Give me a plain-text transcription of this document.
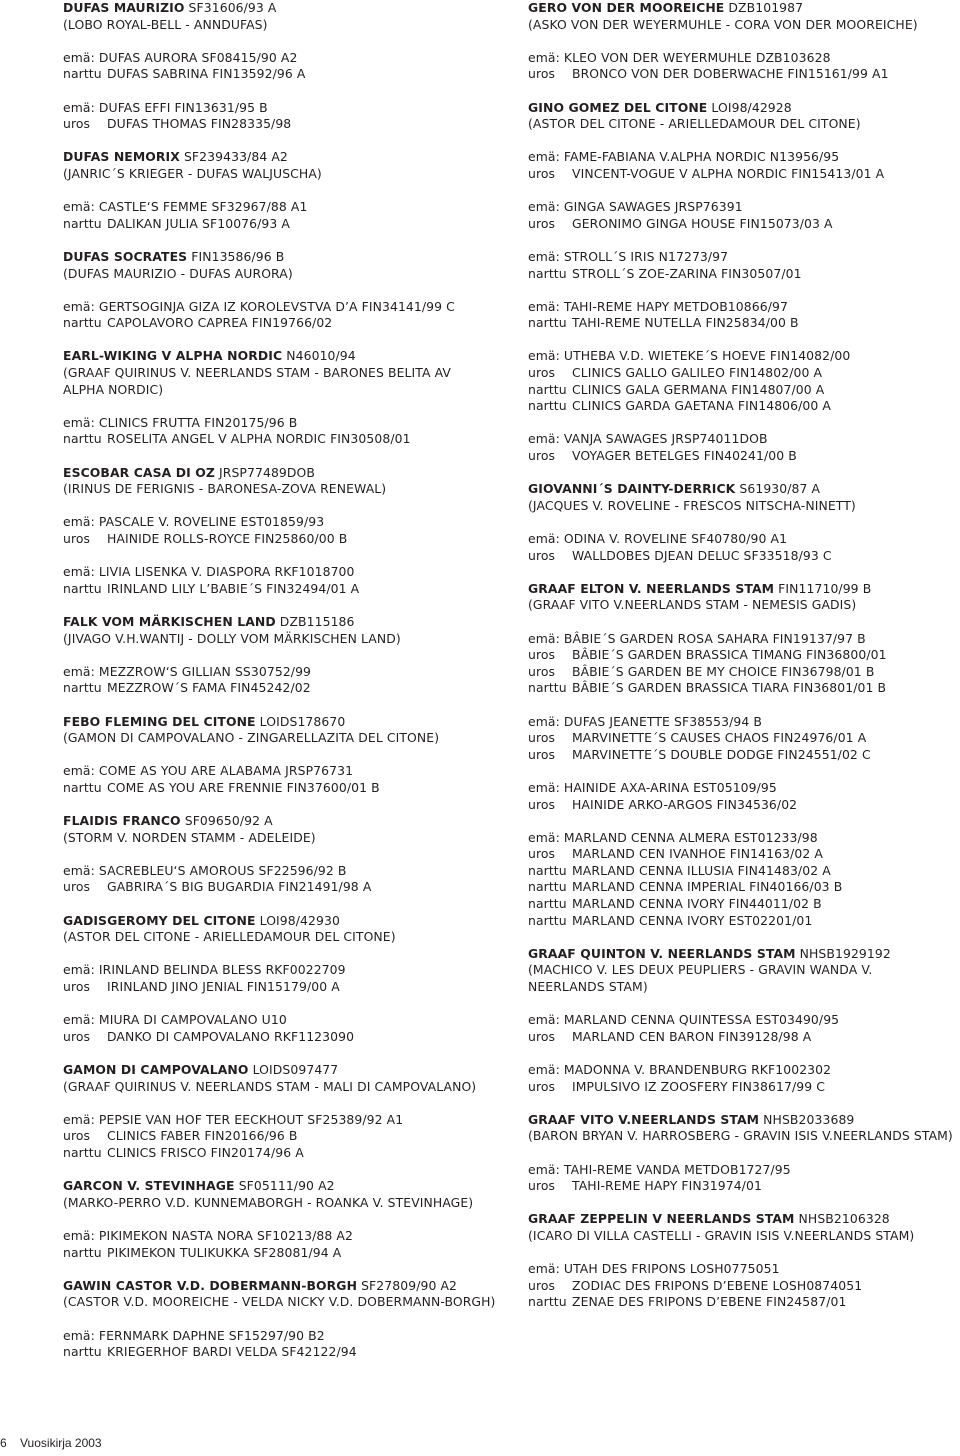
DUFAS MAURIZIO SF31606/93 A
(LOBO ROYAL-BELL - ANNDUFAS)
emä: DUFAS AURORA SF08415/90 A2
narttu DUFAS SABRINA FIN13592/96 A
emä: DUFAS EFFI FIN13631/95 B
uros DUFAS THOMAS FIN28335/98
DUFAS NEMORIX SF239433/84 A2
(JANRIC´S KRIEGER - DUFAS WALJUSCHA)
emä: CASTLE‘S FEMME SF32967/88 A1
narttu DALIKAN JULIA SF10076/93 A
DUFAS SOCRATES FIN13586/96 B
(DUFAS MAURIZIO - DUFAS AURORA)
emä: GERTSOGINJA GIZA IZ KOROLEVSTVA D’A FIN34141/99 C
narttu CAPOLAVORO CAPREA FIN19766/02
EARL-WIKING V ALPHA NORDIC N46010/94
(GRAAF QUIRINUS V. NEERLANDS STAM - BARONES BELITA AV
ALPHA NORDIC)
emä: CLINICS FRUTTA FIN20175/96 B
narttu ROSELITA ANGEL V ALPHA NORDIC FIN30508/01
ESCOBAR CASA DI OZ JRSP77489DOB
(IRINUS DE FERIGNIS - BARONESA-ZOVA RENEWAL)
emä: PASCALE V. ROVELINE EST01859/93
uros HAINIDE ROLLS-ROYCE FIN25860/00 B
emä: LIVIA LISENKA V. DIASPORA RKF1018700
narttu IRINLAND LILY L’BABIE´S FIN32494/01 A
FALK VOM MÄRKISCHEN LAND DZB115186
(JIVAGO V.H.WANTIJ - DOLLY VOM MÄRKISCHEN LAND)
emä: MEZZROW‘S GILLIAN SS30752/99
narttu MEZZROW´S FAMA FIN45242/02
FEBO FLEMING DEL CITONE LOIDS178670
(GAMON DI CAMPOVALANO - ZINGARELLAZITA DEL CITONE)
emä: COME AS YOU ARE ALABAMA JRSP76731
narttu COME AS YOU ARE FRENNIE FIN37600/01 B
FLAIDIS FRANCO SF09650/92 A
(STORM V. NORDEN STAMM - ADELEIDE)
emä: SACREBLEU‘S AMOROUS SF22596/92 B
uros GABRIRA´S BIG BUGARDIA FIN21491/98 A
GADISGEROMY DEL CITONE LOI98/42930
(ASTOR DEL CITONE - ARIELLEDAMOUR DEL CITONE)
emä: IRINLAND BELINDA BLESS RKF0022709
uros IRINLAND JINO JENIAL FIN15179/00 A
emä: MIURA DI CAMPOVALANO U10
uros DANKO DI CAMPOVALANO RKF1123090
GAMON DI CAMPOVALANO LOIDS097477
(GRAAF QUIRINUS V. NEERLANDS STAM - MALI DI CAMPOVALANO)
emä: PEPSIE VAN HOF TER EECKHOUT SF25389/92 A1
uros CLINICS FABER FIN20166/96 B
narttu CLINICS FRISCO FIN20174/96 A
GARCON V. STEVINHAGE SF05111/90 A2
(MARKO-PERRO V.D. KUNNEMABORGH - ROANKA V. STEVINHAGE)
emä: PIKIMEKON NASTA NORA SF10213/88 A2
narttu PIKIMEKON TULIKUKKA SF28081/94 A
GAWIN CASTOR V.D. DOBERMANN-BORGH SF27809/90 A2
(CASTOR V.D. MOOREICHE - VELDA NICKY V.D. DOBERMANN-BORGH)
emä: FERNMARK DAPHNE SF15297/90 B2
narttu KRIEGERHOF BARDI VELDA SF42122/94
GERO VON DER MOOREICHE DZB101987
(ASKO VON DER WEYERMUHLE - CORA VON DER MOOREICHE)
emä: KLEO VON DER WEYERMUHLE DZB103628
uros BRONCO VON DER DOBERWACHE FIN15161/99 A1
GINO GOMEZ DEL CITONE LOI98/42928
(ASTOR DEL CITONE - ARIELLEDAMOUR DEL CITONE)
emä: FAME-FABIANA V.ALPHA NORDIC N13956/95
uros VINCENT-VOGUE V ALPHA NORDIC FIN15413/01 A
emä: GINGA SAWAGES JRSP76391
uros GERONIMO GINGA HOUSE FIN15073/03 A
emä: STROLL´S IRIS N17273/97
narttu STROLL´S ZOE-ZARINA FIN30507/01
emä: TAHI-REME HAPY METDOB10866/97
narttu TAHI-REME NUTELLA FIN25834/00 B
emä: UTHEBA V.D. WIETEKE´S HOEVE FIN14082/00
uros CLINICS GALLO GALILEO FIN14802/00 A
narttu CLINICS GALA GERMANA FIN14807/00 A
narttu CLINICS GARDA GAETANA FIN14806/00 A
emä: VANJA SAWAGES JRSP74011DOB
uros VOYAGER BETELGES FIN40241/00 B
GIOVANNI´S DAINTY-DERRICK S61930/87 A
(JACQUES V. ROVELINE - FRESCOS NITSCHA-NINETT)
emä: ODINA V. ROVELINE SF40780/90 A1
uros WALLDOBES DJEAN DELUC SF33518/93 C
GRAAF ELTON V. NEERLANDS STAM FIN11710/99 B
(GRAAF VITO V.NEERLANDS STAM - NEMESIS GADIS)
emä: BÂBIE´S GARDEN ROSA SAHARA FIN19137/97 B
uros BÂBIE´S GARDEN BRASSICA TIMANG FIN36800/01
uros BÂBIE´S GARDEN BE MY CHOICE FIN36798/01 B
narttu BÂBIE´S GARDEN BRASSICA TIARA FIN36801/01 B
emä: DUFAS JEANETTE SF38553/94 B
uros MARVINETTE´S CAUSES CHAOS FIN24976/01 A
uros MARVINETTE´S DOUBLE DODGE FIN24551/02 C
emä: HAINIDE AXA-ARINA EST05109/95
uros HAINIDE ARKO-ARGOS FIN34536/02
emä: MARLAND CENNA ALMERA EST01233/98
uros MARLAND CEN IVANHOE FIN14163/02 A
narttu MARLAND CENNA ILLUSIA FIN41483/02 A
narttu MARLAND CENNA IMPERIAL FIN40166/03 B
narttu MARLAND CENNA IVORY FIN44011/02 B
narttu MARLAND CENNA IVORY EST02201/01
GRAAF QUINTON V. NEERLANDS STAM NHSB1929192
(MACHICO V. LES DEUX PEUPLIERS - GRAVIN WANDA V.
NEERLANDS STAM)
emä: MARLAND CENNA QUINTESSA EST03490/95
uros MARLAND CEN BARON FIN39128/98 A
emä: MADONNA V. BRANDENBURG RKF1002302
uros IMPULSIVO IZ ZOOSFERY FIN38617/99 C
GRAAF VITO V.NEERLANDS STAM NHSB2033689
(BARON BRYAN V. HARROSBERG - GRAVIN ISIS V.NEERLANDS STAM)
emä: TAHI-REME VANDA METDOB1727/95
uros TAHI-REME HAPY FIN31974/01
GRAAF ZEPPELIN V NEERLANDS STAM NHSB2106328
(ICARO DI VILLA CASTELLI - GRAVIN ISIS V.NEERLANDS STAM)
emä: UTAH DES FRIPONS LOSH0775051
uros ZODIAC DES FRIPONS D’EBENE LOSH0874051
narttu ZENAE DES FRIPONS D’EBENE FIN24587/01
6 Vuosikirja 2003
